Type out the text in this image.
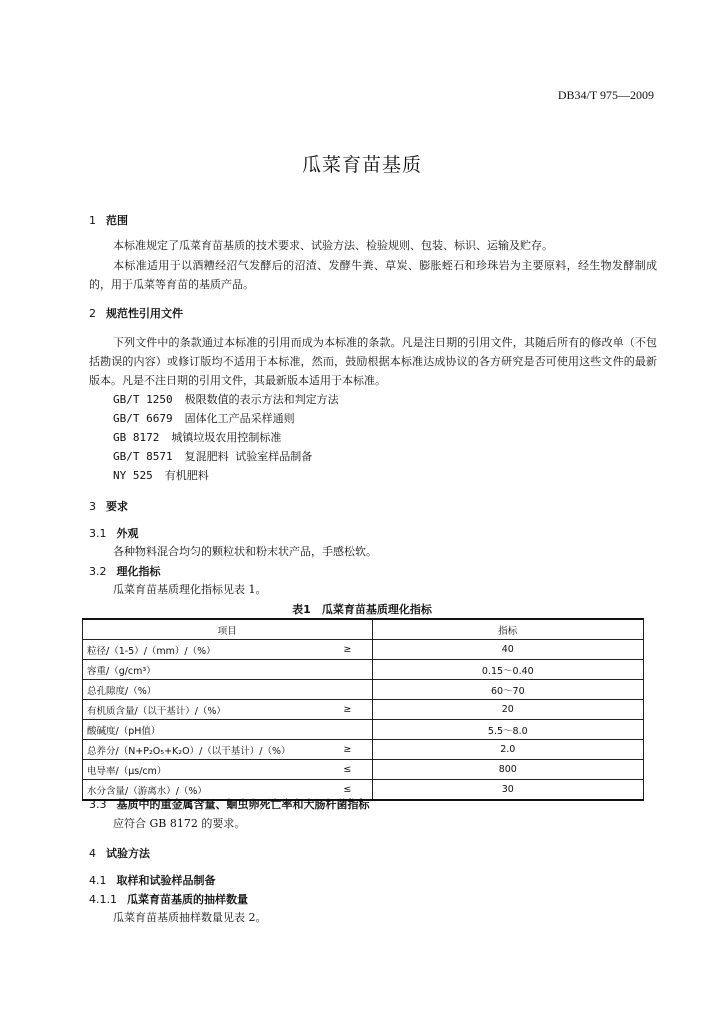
DB34/T 975—2009
瓜菜育苗基质
1 范围
本标准规定了瓜菜育苗基质的技术要求、试验方法、检验规则、包装、标识、运输及贮存。
本标准适用于以酒糟经沼气发酵后的沼渣、发酵牛粪、草炭、膨胀蛭石和珍珠岩为主要原料，经生物发酵制成的，用于瓜菜等育苗的基质产品。
2 规范性引用文件
下列文件中的条款通过本标准的引用而成为本标准的条款。凡是注日期的引用文件，其随后所有的修改单（不包括勘误的内容）或修订版均不适用于本标准，然而，鼓励根据本标准达成协议的各方研究是否可使用这些文件的最新版本。凡是不注日期的引用文件，其最新版本适用于本标准。
GB/T 1250 极限数值的表示方法和判定方法
GB/T 6679 固体化工产品采样通则
GB 8172 城镇垃圾农用控制标准
GB/T 8571 复混肥料 试验室样品制备
NY 525 有机肥料
3 要求
3.1 外观
各种物料混合均匀的颗粒状和粉末状产品，手感松软。
3.2 理化指标
瓜菜育苗基质理化指标见表 1。
表1　瓜菜育苗基质理化指标
项目		指标
粒径/（1-5）/（mm）/（%）	≥	40
容重/（g/cm³）		0.15～0.40
总孔隙度/（%）		60～70
有机质含量/（以干基计）/（%）	≥	20
酸碱度/（pH值）		5.5～8.0
总养分/（N+P₂O₅+K₂O）/（以干基计）/（%）	≥	2.0
电导率/（μs/cm）	≤	800
水分含量/（游离水）/（%）	≤	30
3.3 基质中的重金属含量、蛔虫卵死亡率和大肠杆菌指标
应符合 GB 8172 的要求。
4 试验方法
4.1 取样和试验样品制备
4.1.1 瓜菜育苗基质的抽样数量
瓜菜育苗基质抽样数量见表 2。
